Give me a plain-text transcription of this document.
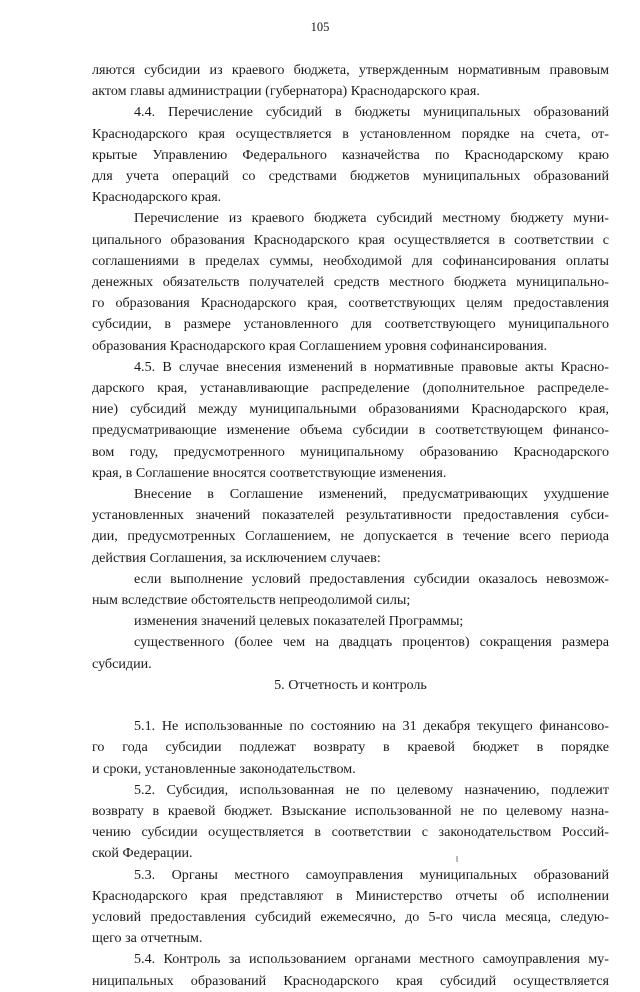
105

ляются субсидии из краевого бюджета, утвержденным нормативным правовым

актом главы администрации (губернатора) Краснодарского края.

4.4. Перечисление субсидий в бюджеты муниципальных образований

Краснодарского края осуществляется в установленном порядке на счета, от-

крытые Управлению Федерального казначейства по Краснодарскому краю

для учета операций со средствами бюджетов муниципальных образований

Краснодарского края.

Перечисление из краевого бюджета субсидий местному бюджету муни-

ципального образования Краснодарского края осуществляется в соответствии с

соглашениями в пределах суммы, необходимой для софинансирования оплаты

денежных обязательств получателей средств местного бюджета муниципально-

го образования Краснодарского края, соответствующих целям предоставления

субсидии, в размере установленного для соответствующего муниципального

образования Краснодарского края Соглашением уровня софинансирования.

4.5. В случае внесения изменений в нормативные правовые акты Красно-

дарского края, устанавливающие распределение (дополнительное распределе-

ние) субсидий между муниципальными образованиями Краснодарского края,

предусматривающие изменение объема субсидии в соответствующем финансо-

вом году, предусмотренного муниципальному образованию Краснодарского

края, в Соглашение вносятся соответствующие изменения.

Внесение в Соглашение изменений, предусматривающих ухудшение

установленных значений показателей результативности предоставления субси-

дии, предусмотренных Соглашением, не допускается в течение всего периода

действия Соглашения, за исключением случаев:

если выполнение условий предоставления субсидии оказалось невозмож-

ным вследствие обстоятельств непреодолимой силы;

изменения значений целевых показателей Программы;

существенного (более чем на двадцать процентов) сокращения размера

субсидии.

5. Отчетность и контроль

5.1. Не использованные по состоянию на 31 декабря текущего финансово-

го года субсидии подлежат возврату в краевой бюджет в порядке

и сроки, установленные законодательством.

5.2. Субсидия, использованная не по целевому назначению, подлежит

возврату в краевой бюджет. Взыскание использованной не по целевому назна-

чению субсидии осуществляется в соответствии с законодательством Россий-

ской Федерации.

5.3. Органы местного самоуправления муниципальных образований

Краснодарского края представляют в Министерство отчеты об исполнении

условий предоставления субсидий ежемесячно, до 5-го числа месяца, следую-

щего за отчетным.

5.4. Контроль за использованием органами местного самоуправления му-

ниципальных образований Краснодарского края субсидий осуществляется
